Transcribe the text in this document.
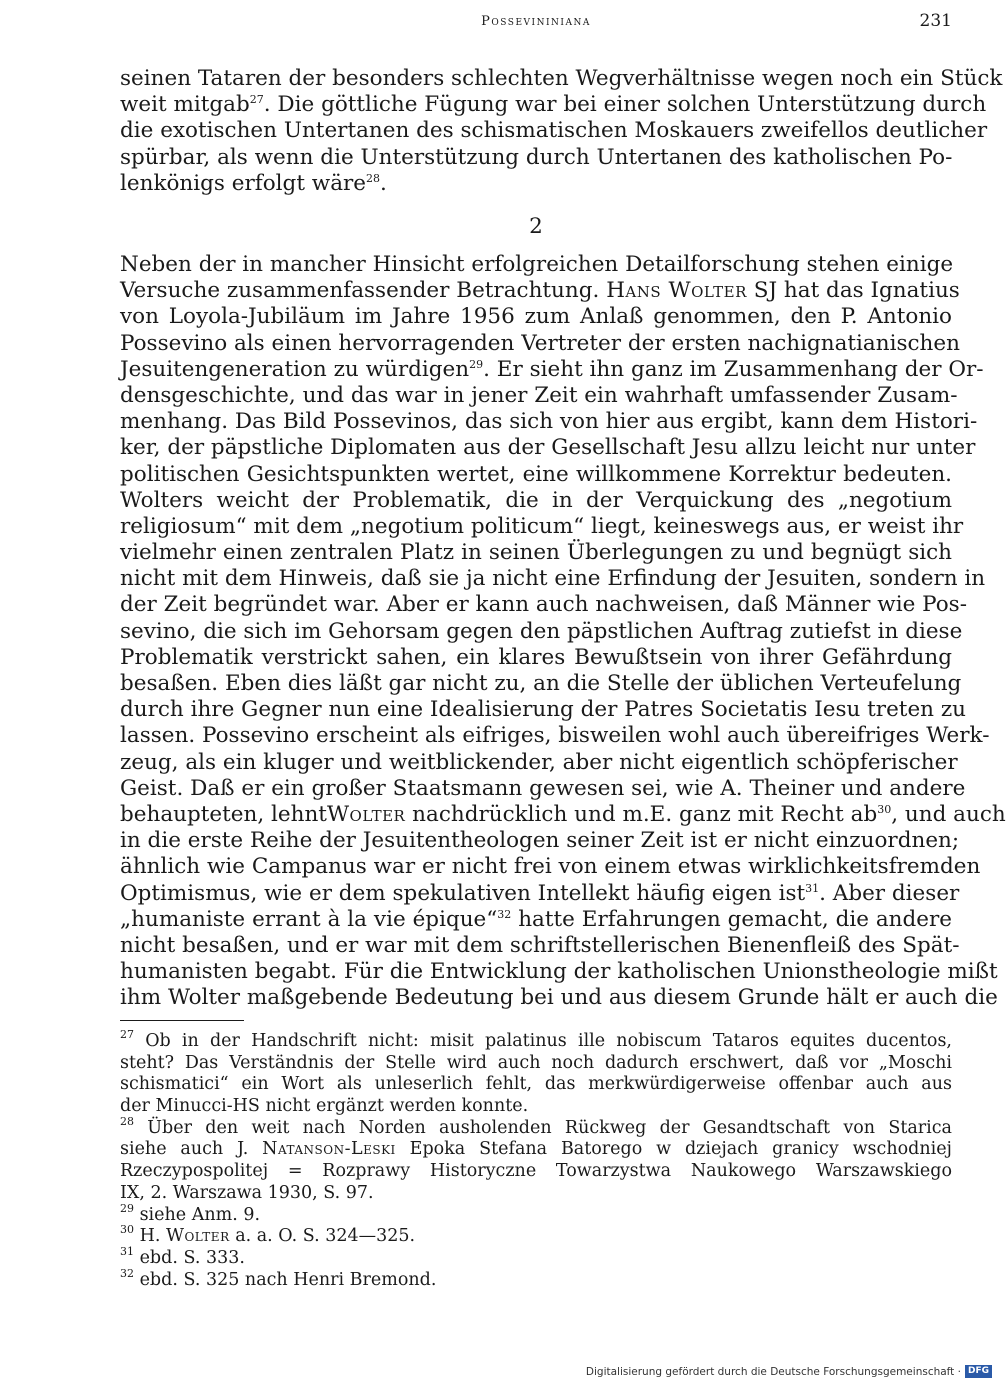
Possevininiana	231
seinen Tataren der besonders schlechten Wegverhältnisse wegen noch ein Stück
weit mitgab$^{27}$. Die göttliche Fügung war bei einer solchen Unterstützung durch
die exotischen Untertanen des schismatischen Moskauers zweifellos deutlicher
spürbar, als wenn die Unterstützung durch Untertanen des katholischen Po-
lenkönigs erfolgt wäre$^{28}$.
2
Neben der in mancher Hinsicht erfolgreichen Detailforschung stehen einige
Versuche zusammenfassender Betrachtung. Hans Wolter SJ hat das Ignatius
von Loyola-Jubiläum im Jahre 1956 zum Anlaß genommen, den P. Antonio
Possevino als einen hervorragenden Vertreter der ersten nachignatianischen
Jesuitengeneration zu würdigen$^{29}$. Er sieht ihn ganz im Zusammenhang der Or-
densgeschichte, und das war in jener Zeit ein wahrhaft umfassender Zusam-
menhang. Das Bild Possevinos, das sich von hier aus ergibt, kann dem Histori-
ker, der päpstliche Diplomaten aus der Gesellschaft Jesu allzu leicht nur unter
politischen Gesichtspunkten wertet, eine willkommene Korrektur bedeuten.
Wolters weicht der Problematik, die in der Verquickung des „negotium
religiosum“ mit dem „negotium politicum“ liegt, keineswegs aus, er weist ihr
vielmehr einen zentralen Platz in seinen Überlegungen zu und begnügt sich
nicht mit dem Hinweis, daß sie ja nicht eine Erfindung der Jesuiten, sondern in
der Zeit begründet war. Aber er kann auch nachweisen, daß Männer wie Pos-
sevino, die sich im Gehorsam gegen den päpstlichen Auftrag zutiefst in diese
Problematik verstrickt sahen, ein klares Bewußtsein von ihrer Gefährdung
besaßen. Eben dies läßt gar nicht zu, an die Stelle der üblichen Verteufelung
durch ihre Gegner nun eine Idealisierung der Patres Societatis Iesu treten zu
lassen. Possevino erscheint als eifriges, bisweilen wohl auch übereifriges Werk-
zeug, als ein kluger und weitblickender, aber nicht eigentlich schöpferischer
Geist. Daß er ein großer Staatsmann gewesen sei, wie A. Theiner und andere
behaupteten, lehntWolter nachdrücklich und m.E. ganz mit Recht $ab^{30}$, und auch
in die erste Reihe der Jesuitentheologen seiner Zeit ist er nicht einzuordnen;
ähnlich wie Campanus war er nicht frei von einem etwas wirklichkeitsfremden
Optimismus, wie er dem spekulativen Intellekt häufig eigen ist$^{31}$. Aber dieser
„humaniste errant à la vie épique“$^{32}$ hatte Erfahrungen gemacht, die andere
nicht besaßen, und er war mit dem schriftstellerischen Bienenfleiß des Spät-
humanisten begabt. Für die Entwicklung der katholischen Unionstheologie mißt
ihm Wolter maßgebende Bedeutung bei und aus diesem Grunde hält er auch die
$^{27}$ Ob in der Handschrift nicht: misit palatinus ille nobiscum Tataros equites ducentos,
steht? Das Verständnis der Stelle wird auch noch dadurch erschwert, daß vor „Moschi
schismatici“ ein Wort als unleserlich fehlt, das merkwürdigerweise offenbar auch aus
der Minucci-HS nicht ergänzt werden konnte.
$^{28}$ Über den weit nach Norden ausholenden Rückweg der Gesandtschaft von Starica
siehe auch J. Natanson-Leski Epoka Stefana Batorego w dziejach granicy wschodniej
Rzeczypospolitej = Rozprawy Historyczne Towarzystwa Naukowego Warszawskiego
IX, 2. Warszawa 1930, S. 97.
$^{29}$ siehe Anm. 9.
$^{30}$ H. Wolter a. a. O. S. 324—325.
$^{31}$ ebd. S. 333.
$^{32}$ ebd. S. 325 nach Henri Bremond.
Digitalisierung gefördert durch die Deutsche Forschungsgemeinschaft · DFG
